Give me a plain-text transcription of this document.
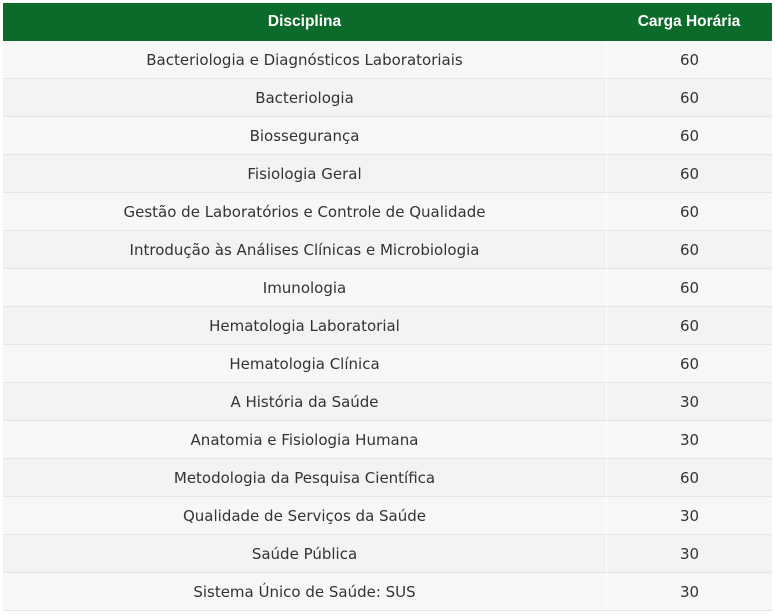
Disciplina	Carga Horária
Bacteriologia e Diagnósticos Laboratoriais	60
Bacteriologia	60
Biossegurança	60
Fisiologia Geral	60
Gestão de Laboratórios e Controle de Qualidade	60
Introdução às Análises Clínicas e Microbiologia	60
Imunologia	60
Hematologia Laboratorial	60
Hematologia Clínica	60
A História da Saúde	30
Anatomia e Fisiologia Humana	30
Metodologia da Pesquisa Científica	60
Qualidade de Serviços da Saúde	30
Saúde Pública	30
Sistema Único de Saúde: SUS	30
